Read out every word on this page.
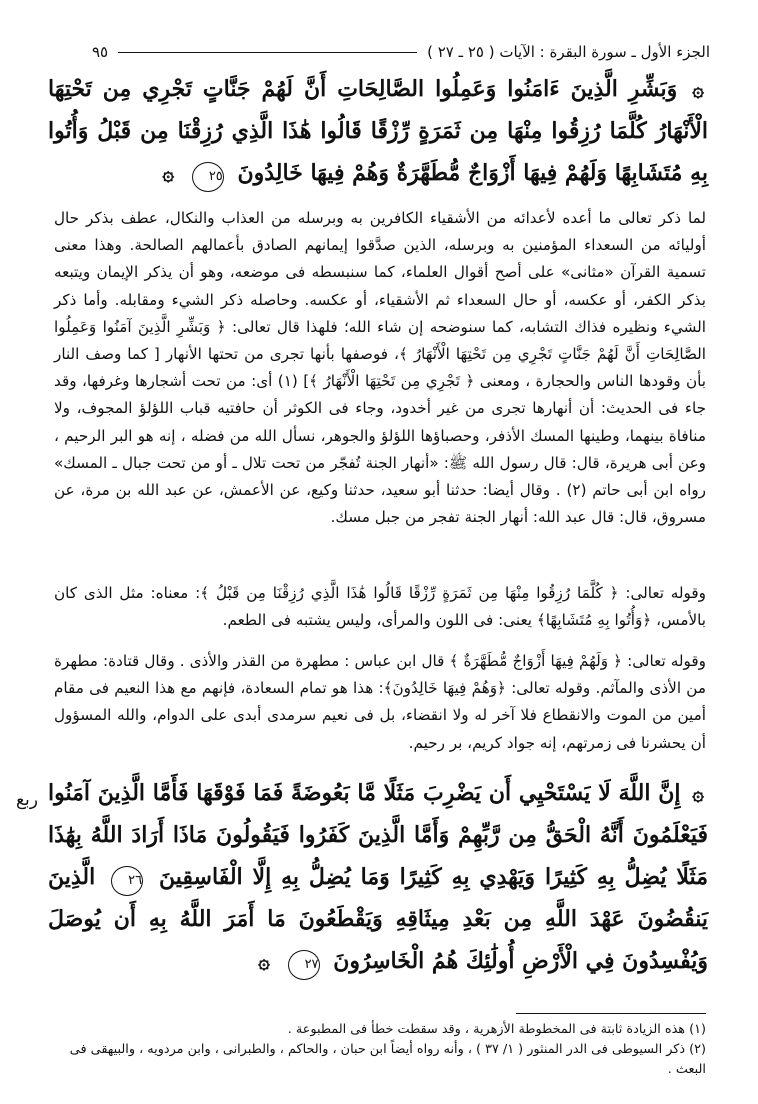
الجزء الأول ـ سورة البقرة : الآيات ( ٢٥ ـ ٢٧ )
٩٥
۞ وَبَشِّرِ الَّذِينَ ءَامَنُوا وَعَمِلُوا الصَّالِحَاتِ أَنَّ لَهُمْ جَنَّاتٍ تَجْرِي مِن تَحْتِهَا الْأَنْهَارُ كُلَّمَا رُزِقُوا مِنْهَا مِن ثَمَرَةٍ رِّزْقًا قَالُوا هَٰذَا الَّذِي رُزِقْنَا مِن قَبْلُ وَأُتُوا بِهِ مُتَشَابِهًا وَلَهُمْ فِيهَا أَزْوَاجٌ مُّطَهَّرَةٌ وَهُمْ فِيهَا خَالِدُونَ ٢٥ ۞

لما ذكر تعالى ما أعده لأعدائه من الأشقياء الكافرين به وبرسله من العذاب والنكال، عطف بذكر حال أوليائه من السعداء المؤمنين به وبرسله، الذين صدَّقوا إيمانهم الصادق بأعمالهم الصالحة. وهذا معنى تسمية القرآن «مثانى» على أصح أقوال العلماء، كما سنبسطه فى موضعه، وهو أن يذكر الإيمان ويتبعه بذكر الكفر، أو عكسه، أو حال السعداء ثم الأشقياء، أو عكسه. وحاصله ذكر الشيء ومقابله. وأما ذكر الشيء ونظيره فذاك التشابه، كما سنوضحه إن شاء الله؛ فلهذا قال تعالى: ﴿ وَبَشِّرِ الَّذِينَ آمَنُوا وَعَمِلُوا الصَّالِحَاتِ أَنَّ لَهُمْ جَنَّاتٍ تَجْرِي مِن تَحْتِهَا الْأَنْهَارُ ﴾، فوصفها بأنها تجرى من تحتها الأنهار [ كما وصف النار بأن وقودها الناس والحجارة ، ومعنى ﴿ تَجْرِي مِن تَحْتِهَا الْأَنْهَارُ ﴾] (١) أى: من تحت أشجارها وغرفها، وقد جاء فى الحديث: أن أنهارها تجرى من غير أخدود، وجاء فى الكوثر أن حافتيه قباب اللؤلؤ المجوف، ولا منافاة بينهما، وطينها المسك الأذفر، وحصباؤها اللؤلؤ والجوهر، نسأل الله من فضله ، إنه هو البر الرحيم ، وعن أبى هريرة، قال: قال رسول الله ﷺ: «أنهار الجنة تُفجّر من تحت تلال ـ أو من تحت جبال ـ المسك» رواه ابن أبى حاتم (٢) . وقال أيضا: حدثنا أبو سعيد، حدثنا وكيع، عن الأعمش، عن عبد الله بن مرة، عن مسروق، قال: قال عبد الله: أنهار الجنة تفجر من جبل مسك.

وقوله تعالى: ﴿ كُلَّمَا رُزِقُوا مِنْهَا مِن ثَمَرَةٍ رِّزْقًا قَالُوا هَٰذَا الَّذِي رُزِقْنَا مِن قَبْلُ ﴾: معناه: مثل الذى كان بالأمس، ﴿وَأُتُوا بِهِ مُتَشَابِهًا﴾ يعنى: فى اللون والمرأى، وليس يشتبه فى الطعم.

وقوله تعالى: ﴿ وَلَهُمْ فِيهَا أَزْوَاجٌ مُّطَهَّرَةٌ ﴾ قال ابن عباس : مطهرة من القذر والأذى . وقال قتادة: مطهرة من الأذى والمآثم. وقوله تعالى: ﴿وَهُمْ فِيهَا خَالِدُونَ﴾: هذا هو تمام السعادة، فإنهم مع هذا النعيم فى مقام أمين من الموت والانقطاع فلا آخر له ولا انقضاء، بل فى نعيم سرمدى أبدى على الدوام، والله المسؤول أن يحشرنا فى زمرتهم، إنه جواد كريم، بر رحيم.

ربع	۞ إِنَّ اللَّهَ لَا يَسْتَحْيِي أَن يَضْرِبَ مَثَلًا مَّا بَعُوضَةً فَمَا فَوْقَهَا فَأَمَّا الَّذِينَ آمَنُوا فَيَعْلَمُونَ أَنَّهُ الْحَقُّ مِن رَّبِّهِمْ وَأَمَّا الَّذِينَ كَفَرُوا فَيَقُولُونَ مَاذَا أَرَادَ اللَّهُ بِهَٰذَا مَثَلًا يُضِلُّ بِهِ كَثِيرًا وَيَهْدِي بِهِ كَثِيرًا وَمَا يُضِلُّ بِهِ إِلَّا الْفَاسِقِينَ ٢٦ الَّذِينَ يَنقُضُونَ عَهْدَ اللَّهِ مِن بَعْدِ مِيثَاقِهِ وَيَقْطَعُونَ مَا أَمَرَ اللَّهُ بِهِ أَن يُوصَلَ وَيُفْسِدُونَ فِي الْأَرْضِ أُولَٰئِكَ هُمُ الْخَاسِرُونَ ٢٧ ۞

(١) هذه الزيادة ثابتة فى المخطوطة الأزهرية ، وقد سقطت خطأ فى المطبوعة .

(٢) ذكر السيوطى فى الدر المنثور ( ١/ ٣٧ ) ، وأنه رواه أيضاً ابن حبان ، والحاكم ، والطبرانى ، وابن مردويه ، والبيهقى فى البعث .
